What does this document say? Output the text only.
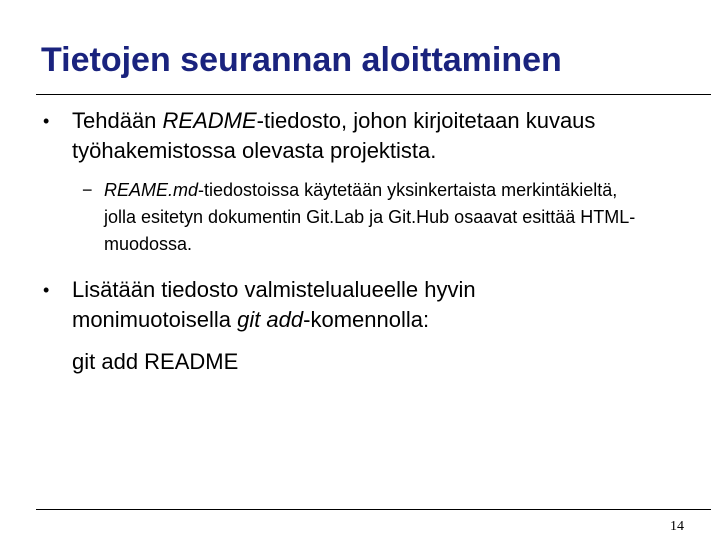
Tietojen seurannan aloittaminen
• Tehdään README-tiedosto, johon kirjoitetaan kuvaus työhakemistossa olevasta projektista.
− REAME.md-tiedostoissa käytetään yksinkertaista merkintäkieltä, jolla esitetyn dokumentin Git.Lab ja Git.Hub osaavat esittää HTML-muodossa.
• Lisätään tiedosto valmistelualueelle hyvin monimuotoisella git add-komennolla:
git add README
14
